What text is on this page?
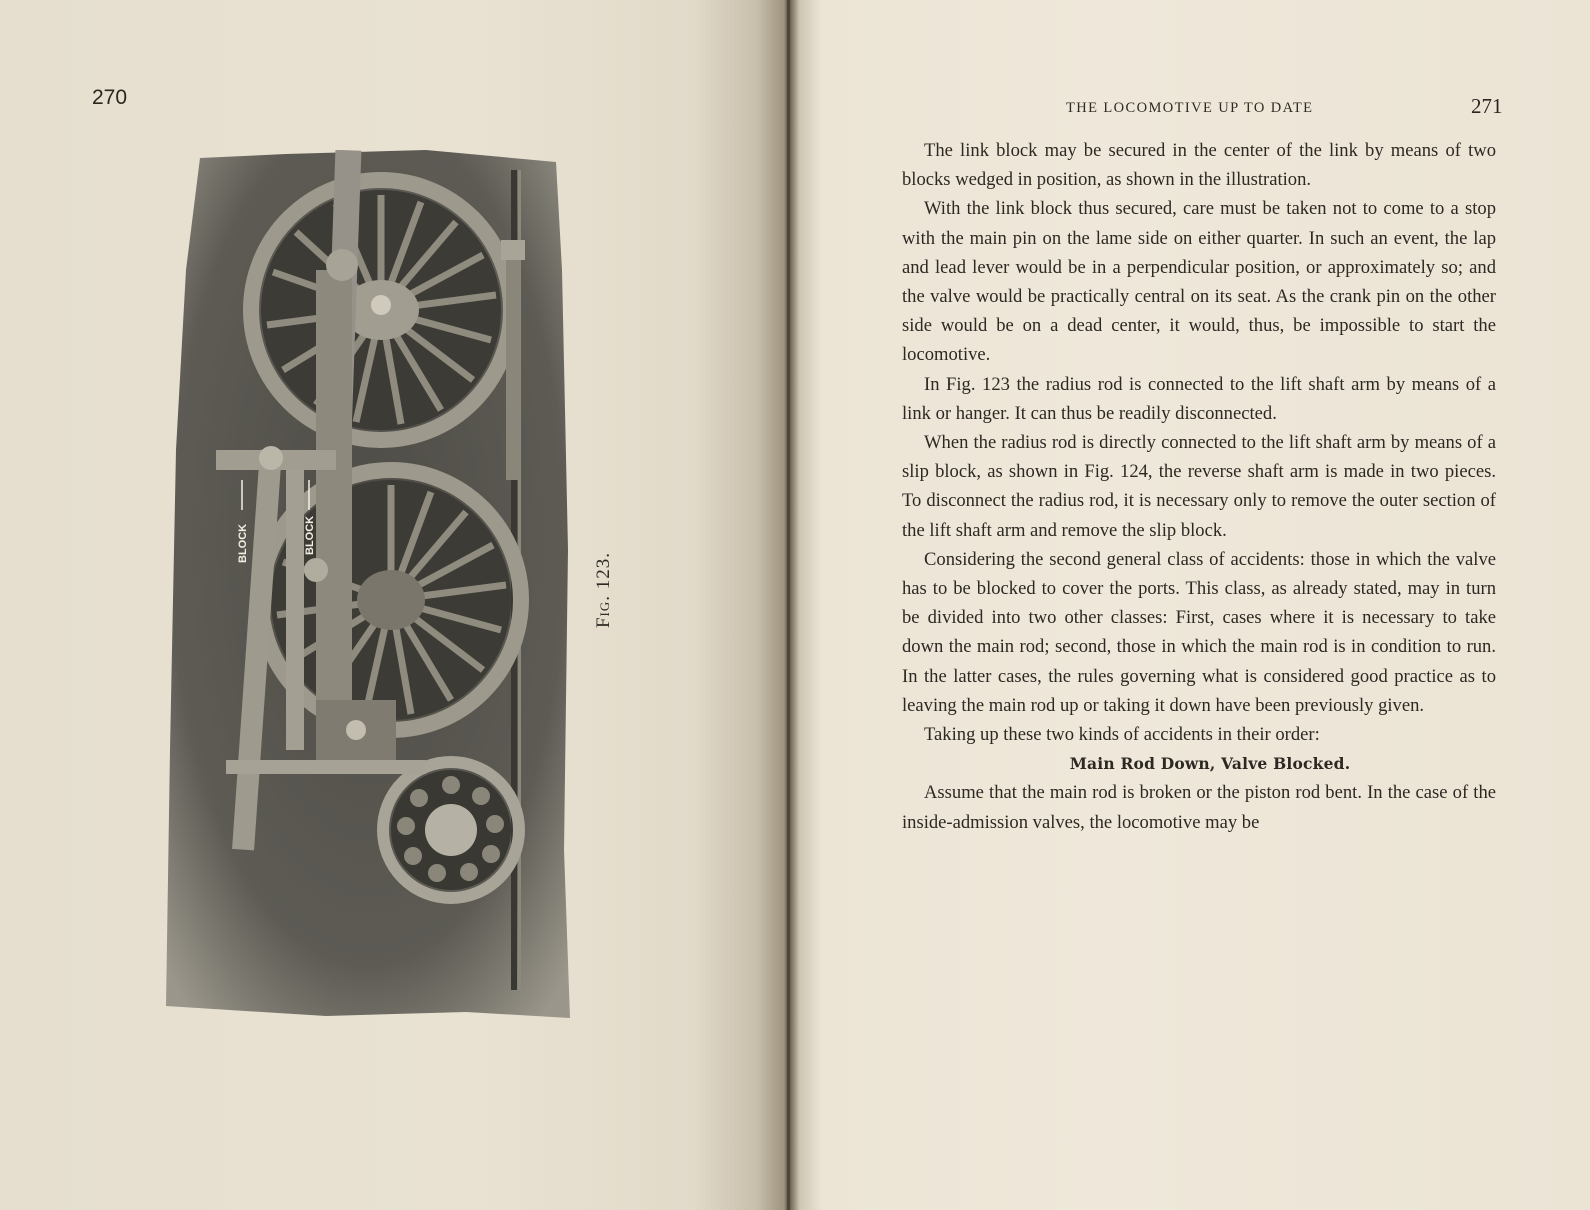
270
BLOCK	BLOCK
Fig. 123.
THE LOCOMOTIVE UP TO DATE	271

The link block may be secured in the center of the link by means of two blocks wedged in position, as shown in the illustration.

With the link block thus secured, care must be taken not to come to a stop with the main pin on the lame side on either quarter. In such an event, the lap and lead lever would be in a perpendicular position, or approximately so; and the valve would be practically central on its seat. As the crank pin on the other side would be on a dead center, it would, thus, be impossible to start the locomotive.

In Fig. 123 the radius rod is connected to the lift shaft arm by means of a link or hanger. It can thus be readily disconnected.

When the radius rod is directly connected to the lift shaft arm by means of a slip block, as shown in Fig. 124, the reverse shaft arm is made in two pieces. To disconnect the radius rod, it is necessary only to remove the outer section of the lift shaft arm and remove the slip block.

Considering the second general class of accidents: those in which the valve has to be blocked to cover the ports. This class, as already stated, may in turn be divided into two other classes: First, cases where it is necessary to take down the main rod; second, those in which the main rod is in condition to run. In the latter cases, the rules governing what is considered good practice as to leaving the main rod up or taking it down have been previously given.

Taking up these two kinds of accidents in their order:

Main Rod Down, Valve Blocked.

Assume that the main rod is broken or the piston rod bent. In the case of the inside-admission valves, the locomotive may be
